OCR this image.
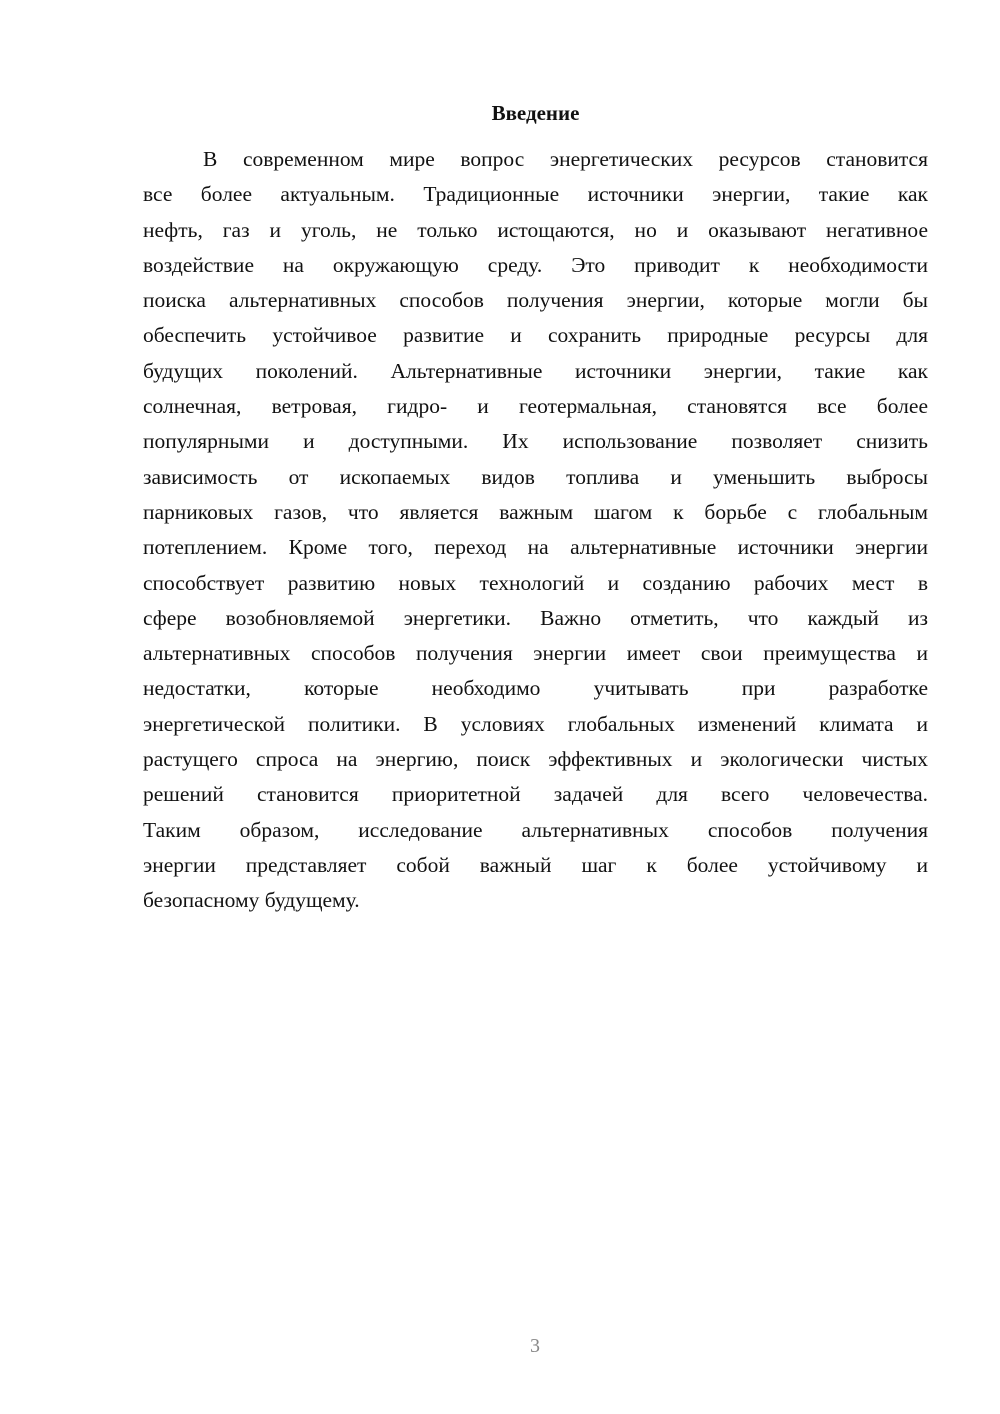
Введение
В современном мире вопрос энергетических ресурсов становится
все более актуальным. Традиционные источники энергии, такие как
нефть, газ и уголь, не только истощаются, но и оказывают негативное
воздействие на окружающую среду. Это приводит к необходимости
поиска альтернативных способов получения энергии, которые могли бы
обеспечить устойчивое развитие и сохранить природные ресурсы для
будущих поколений. Альтернативные источники энергии, такие как
солнечная, ветровая, гидро- и геотермальная, становятся все более
популярными и доступными. Их использование позволяет снизить
зависимость от ископаемых видов топлива и уменьшить выбросы
парниковых газов, что является важным шагом к борьбе с глобальным
потеплением. Кроме того, переход на альтернативные источники энергии
способствует развитию новых технологий и созданию рабочих мест в
сфере возобновляемой энергетики. Важно отметить, что каждый из
альтернативных способов получения энергии имеет свои преимущества и
недостатки, которые необходимо учитывать при разработке
энергетической политики. В условиях глобальных изменений климата и
растущего спроса на энергию, поиск эффективных и экологически чистых
решений становится приоритетной задачей для всего человечества.
Таким образом, исследование альтернативных способов получения
энергии представляет собой важный шаг к более устойчивому и
безопасному будущему.
3
